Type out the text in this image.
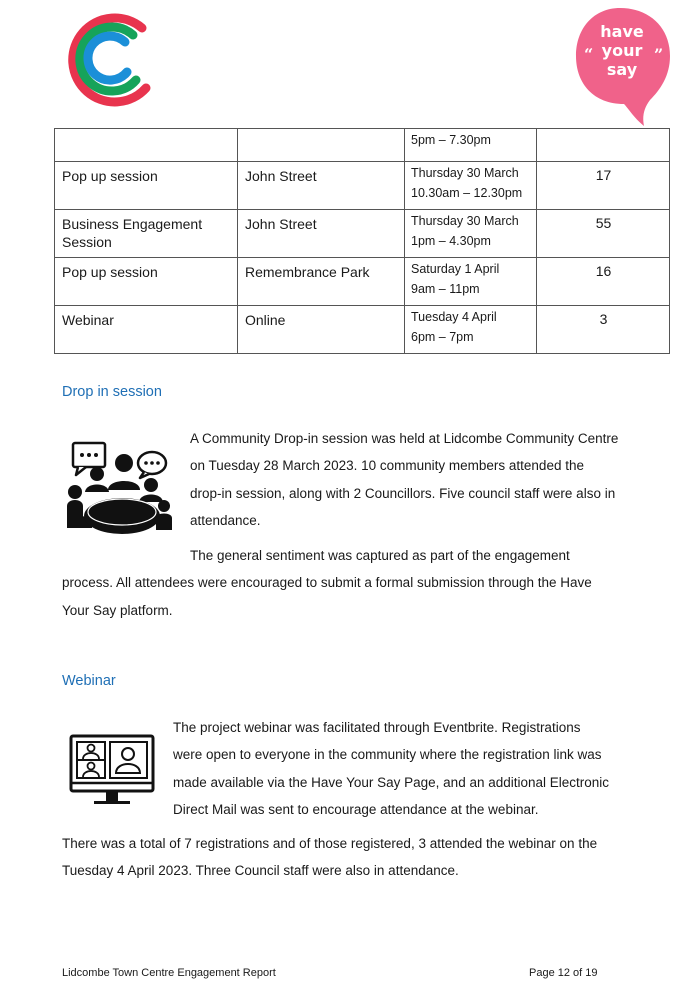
“	”
have
your
say

		5pm – 7.30pm	

Pop up session	John Street	Thursday 30 March
10.30am – 12.30pm	17
Business Engagement Session	John Street	Thursday 30 March
1pm – 4.30pm	55
Pop up session	Remembrance Park	Saturday 1 April
9am – 11pm	16
Webinar	Online	Tuesday 4 April
6pm – 7pm	3
Drop in session
A Community Drop-in session was held at Lidcombe Community Centre
on Tuesday 28 March 2023. 10 community members attended the
drop-in session, along with 2 Councillors. Five council staff were also in
attendance.
The general sentiment was captured as part of the engagement
process. All attendees were encouraged to submit a formal submission through the Have
Your Say platform.
Webinar
The project webinar was facilitated through Eventbrite. Registrations
were open to everyone in the community where the registration link was
made available via the Have Your Say Page, and an additional Electronic
Direct Mail was sent to encourage attendance at the webinar.
There was a total of 7 registrations and of those registered, 3 attended the webinar on the
Tuesday 4 April 2023. Three Council staff were also in attendance.
Lidcombe Town Centre Engagement Report	Page 12 of 19
